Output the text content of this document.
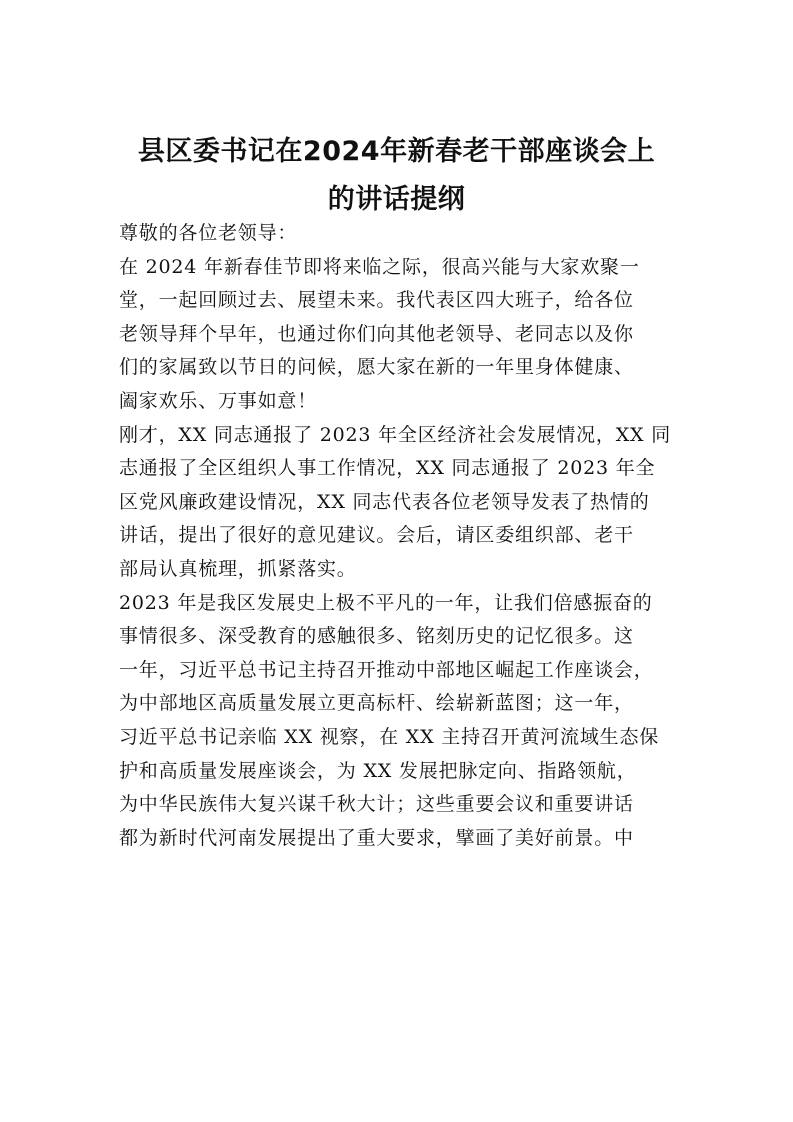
县区委书记在2024年新春老干部座谈会上
的讲话提纲
尊敬的各位老领导：
在 2024 年新春佳节即将来临之际，很高兴能与大家欢聚一
堂，一起回顾过去、展望未来。我代表区四大班子，给各位
老领导拜个早年，也通过你们向其他老领导、老同志以及你
们的家属致以节日的问候，愿大家在新的一年里身体健康、
阖家欢乐、万事如意！
刚才，XX 同志通报了 2023 年全区经济社会发展情况，XX 同
志通报了全区组织人事工作情况，XX 同志通报了 2023 年全
区党风廉政建设情况，XX 同志代表各位老领导发表了热情的
讲话，提出了很好的意见建议。会后，请区委组织部、老干
部局认真梳理，抓紧落实。
2023 年是我区发展史上极不平凡的一年，让我们倍感振奋的
事情很多、深受教育的感触很多、铭刻历史的记忆很多。这
一年，习近平总书记主持召开推动中部地区崛起工作座谈会，
为中部地区高质量发展立更高标杆、绘崭新蓝图；这一年，
习近平总书记亲临 XX 视察，在 XX 主持召开黄河流域生态保
护和高质量发展座谈会，为 XX 发展把脉定向、指路领航，
为中华民族伟大复兴谋千秋大计；这些重要会议和重要讲话
都为新时代河南发展提出了重大要求，擘画了美好前景。中
